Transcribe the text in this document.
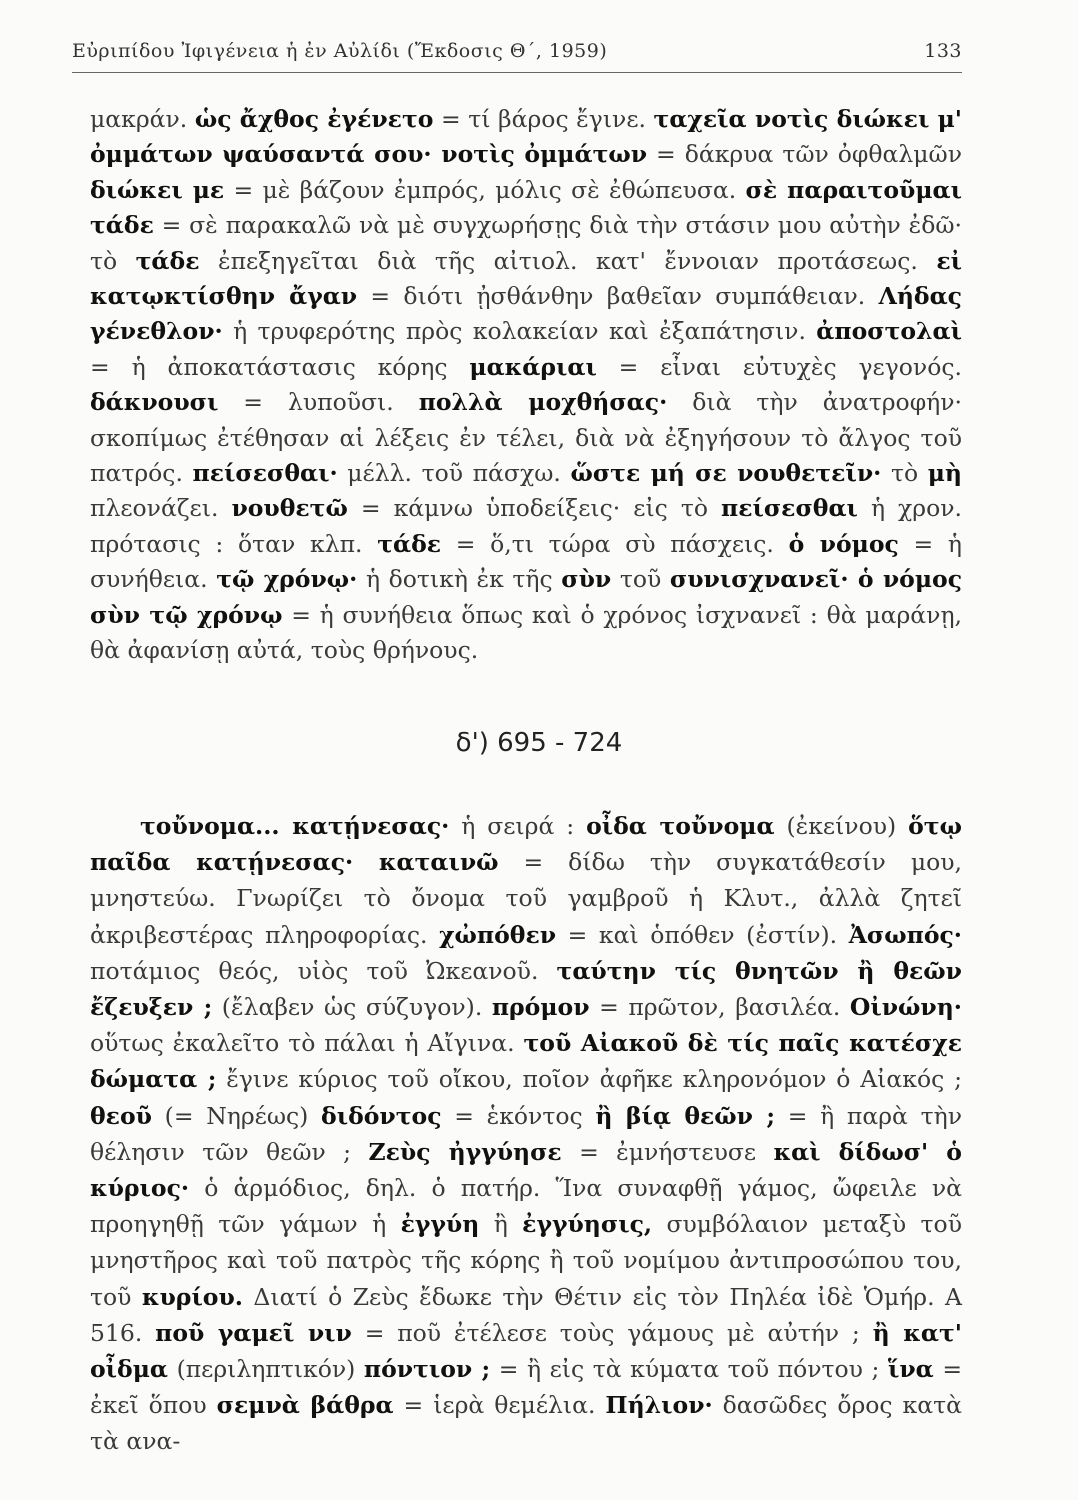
Εὐριπίδου Ἰφιγένεια ἡ ἐν Αὐλίδι (Ἔκδοσις Θ´, 1959)	133
μακράν. ὡς ἄχθος ἐγένετο = τί βάρος ἔγινε. ταχεῖα νοτὶς διώκει μ' ὀμμάτων ψαύσαντά σου· νοτὶς ὀμμάτων = δάκρυα τῶν ὀφθαλμῶν διώκει με = μὲ βάζουν ἐμπρός, μόλις σὲ ἐθώπευσα. σὲ παραιτοῦμαι τάδε = σὲ παρακαλῶ νὰ μὲ συγχωρήσῃς διὰ τὴν στάσιν μου αὐτὴν ἐδῶ· τὸ τάδε ἐπεξηγεῖται διὰ τῆς αἰτιολ. κατ' ἔννοιαν προτάσεως. εἰ κατῳκτίσθην ἄγαν = διότι ᾐσθάνθην βαθεῖαν συμπάθειαν. Λήδας γένεθλον· ἡ τρυφερότης πρὸς κολακείαν καὶ ἐξαπάτησιν. ἀποστολαὶ = ἡ ἀποκατάστασις κόρης μακάριαι = εἶναι εὐτυχὲς γεγονός. δάκνουσι = λυποῦσι. πολλὰ μοχθήσας· διὰ τὴν ἀνατροφήν· σκοπίμως ἐτέθησαν αἱ λέξεις ἐν τέλει, διὰ νὰ ἐξηγήσουν τὸ ἄλγος τοῦ πατρός. πείσεσθαι· μέλλ. τοῦ πάσχω. ὥστε μή σε νουθετεῖν· τὸ μὴ πλεονάζει. νουθετῶ = κάμνω ὑποδείξεις· εἰς τὸ πείσεσθαι ἡ χρον. πρότασις : ὅταν κλπ. τάδε = ὅ,τι τώρα σὺ πάσχεις. ὁ νόμος = ἡ συνήθεια. τῷ χρόνῳ· ἡ δοτικὴ ἐκ τῆς σὺν τοῦ συνισχνανεῖ· ὁ νόμος σὺν τῷ χρόνῳ = ἡ συνήθεια ὅπως καὶ ὁ χρόνος ἰσχνανεῖ : θὰ μαράνῃ, θὰ ἀφανίσῃ αὐτά, τοὺς θρήνους.
δ') 695 - 724
τοὔνομα... κατῄνεσας· ἡ σειρά : οἶδα τοὔνομα (ἐκείνου) ὅτῳ παῖδα κατῄνεσας· καταινῶ = δίδω τὴν συγκατάθεσίν μου, μνηστεύω. Γνωρίζει τὸ ὄνομα τοῦ γαμβροῦ ἡ Κλυτ., ἀλλὰ ζητεῖ ἀκριβεστέρας πληροφορίας. χὠπόθεν = καὶ ὁπόθεν (ἐστίν). Ἀσωπός· ποτάμιος θεός, υἱὸς τοῦ Ὠκεανοῦ. ταύτην τίς θνητῶν ἢ θεῶν ἔζευξεν ; (ἔλαβεν ὡς σύζυγον). πρόμον = πρῶτον, βασιλέα. Οἰνώνη· οὕτως ἐκαλεῖτο τὸ πάλαι ἡ Αἴγινα. τοῦ Αἰακοῦ δὲ τίς παῖς κατέσχε δώματα ; ἔγινε κύριος τοῦ οἴκου, ποῖον ἀφῆκε κληρονόμον ὁ Αἰακός ; θεοῦ (= Νηρέως) διδόντος = ἑκόντος ἢ βίᾳ θεῶν ; = ἢ παρὰ τὴν θέλησιν τῶν θεῶν ; Ζεὺς ἠγγύησε = ἐμνήστευσε καὶ δίδωσ' ὁ κύριος· ὁ ἁρμόδιος, δηλ. ὁ πατήρ. Ἵνα συναφθῇ γάμος, ὤφειλε νὰ προηγηθῇ τῶν γάμων ἡ ἐγγύη ἢ ἐγγύησις, συμβόλαιον μεταξὺ τοῦ μνηστῆρος καὶ τοῦ πατρὸς τῆς κόρης ἢ τοῦ νομίμου ἀντιπροσώπου του, τοῦ κυρίου. Διατί ὁ Ζεὺς ἔδωκε τὴν Θέτιν εἰς τὸν Πηλέα ἰδὲ Ὁμήρ. Α 516. ποῦ γαμεῖ νιν = ποῦ ἐτέλεσε τοὺς γάμους μὲ αὐτήν ; ἢ κατ' οἶδμα (περιληπτικόν) πόντιον ; = ἢ εἰς τὰ κύματα τοῦ πόντου ; ἵνα = ἐκεῖ ὅπου σεμνὰ βάθρα = ἱερὰ θεμέλια. Πήλιον· δασῶδες ὄρος κατὰ τὰ ανα-
